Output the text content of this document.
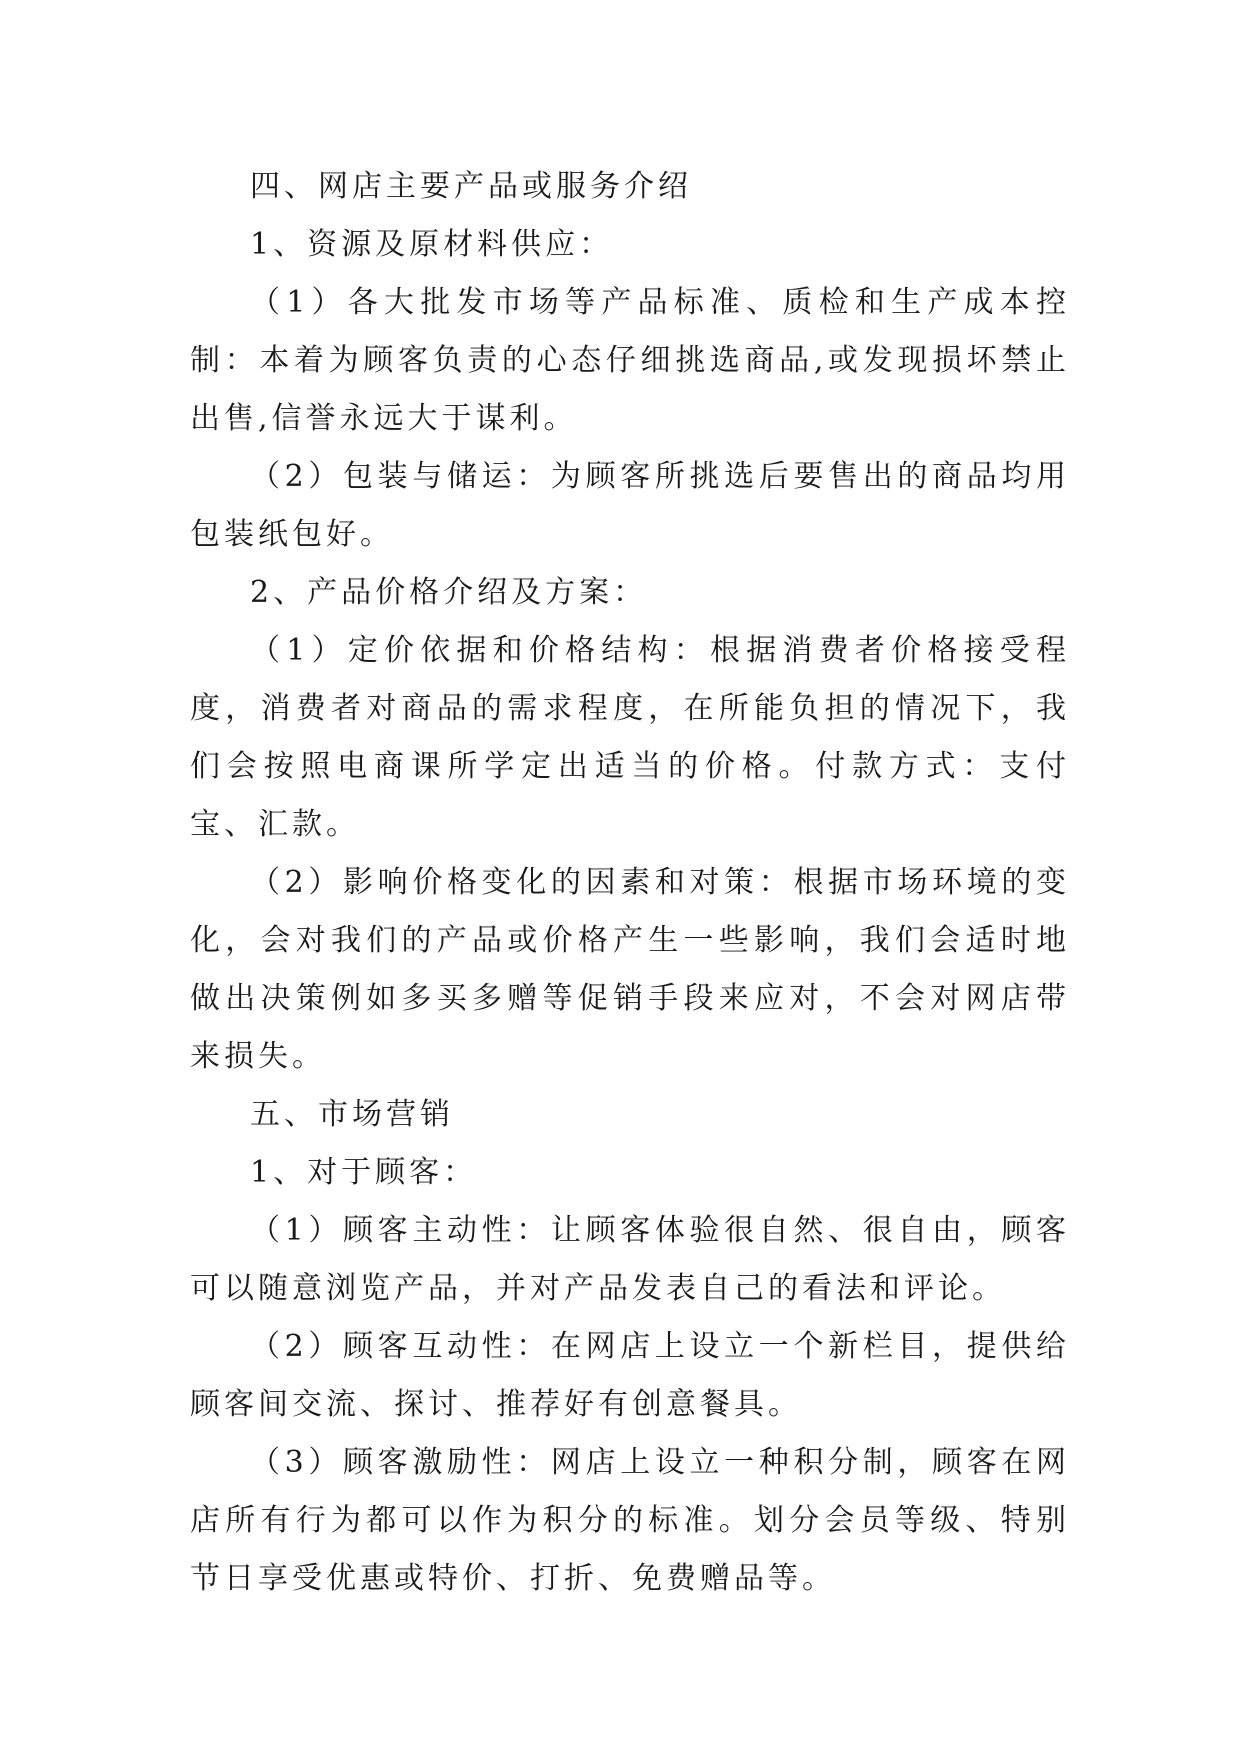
四、网店主要产品或服务介绍

1、资源及原材料供应：

（1）各大批发市场等产品标准、质检和生产成本控制：本着为顾客负责的心态仔细挑选商品,或发现损坏禁止出售,信誉永远大于谋利。

（2）包装与储运：为顾客所挑选后要售出的商品均用包装纸包好。

2、产品价格介绍及方案：

（1）定价依据和价格结构：根据消费者价格接受程度，消费者对商品的需求程度，在所能负担的情况下，我们会按照电商课所学定出适当的价格。付款方式：支付宝、汇款。

（2）影响价格变化的因素和对策：根据市场环境的变化，会对我们的产品或价格产生一些影响，我们会适时地做出决策例如多买多赠等促销手段来应对，不会对网店带来损失。

五、市场营销

1、对于顾客：

（1）顾客主动性：让顾客体验很自然、很自由，顾客可以随意浏览产品，并对产品发表自己的看法和评论。

（2）顾客互动性：在网店上设立一个新栏目，提供给顾客间交流、探讨、推荐好有创意餐具。

（3）顾客激励性：网店上设立一种积分制，顾客在网店所有行为都可以作为积分的标准。划分会员等级、特别节日享受优惠或特价、打折、免费赠品等。
